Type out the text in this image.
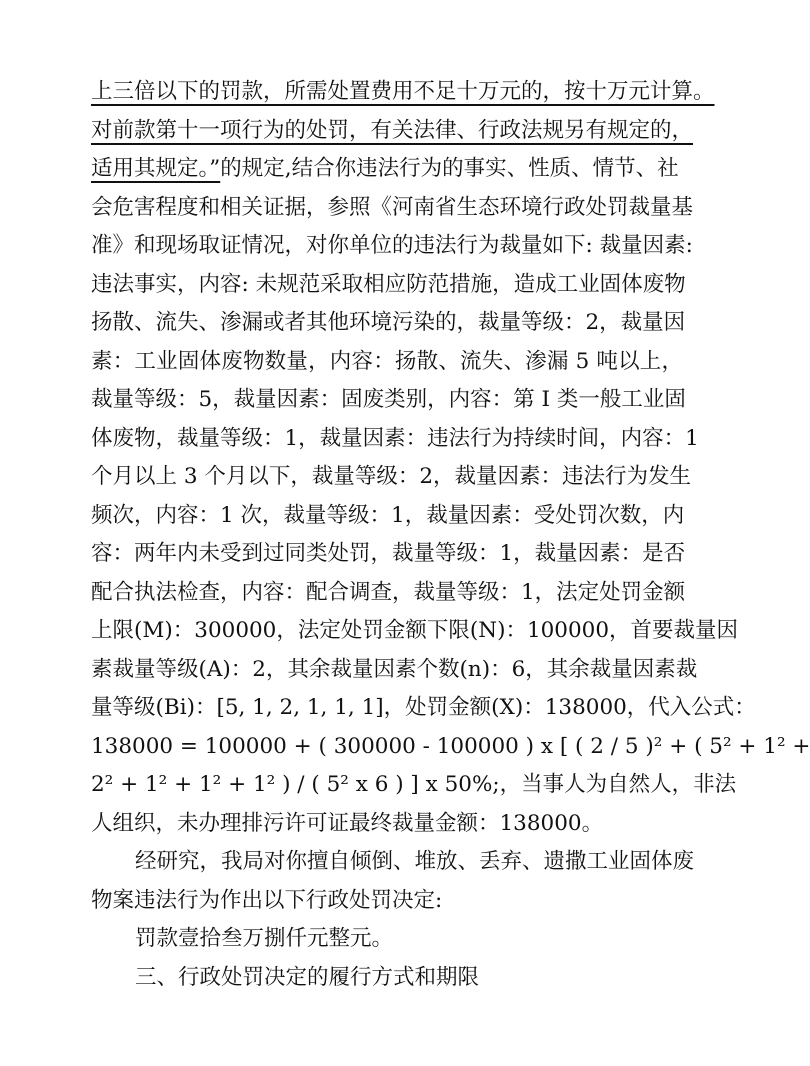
上三倍以下的罚款，所需处置费用不足十万元的，按十万元计算。
对前款第十一项行为的处罚，有关法律、行政法规另有规定的，
适用其规定。”的规定,结合你违法行为的事实、性质、情节、社
会危害程度和相关证据，参照《河南省生态环境行政处罚裁量基
准》和现场取证情况，对你单位的违法行为裁量如下: 裁量因素:
违法事实，内容: 未规范采取相应防范措施，造成工业固体废物
扬散、流失、渗漏或者其他环境污染的，裁量等级：2，裁量因
素：工业固体废物数量，内容：扬散、流失、渗漏 5 吨以上，
裁量等级：5，裁量因素：固废类别，内容：第 I 类一般工业固
体废物，裁量等级：1，裁量因素：违法行为持续时间，内容：1
个月以上 3 个月以下，裁量等级：2，裁量因素：违法行为发生
频次，内容：1 次，裁量等级：1，裁量因素：受处罚次数，内
容：两年内未受到过同类处罚，裁量等级：1，裁量因素：是否
配合执法检查，内容：配合调查，裁量等级：1，法定处罚金额
上限(M)：300000，法定处罚金额下限(N)：100000，首要裁量因
素裁量等级(A)：2，其余裁量因素个数(n)：6，其余裁量因素裁
量等级(Bi)：[5, 1, 2, 1, 1, 1]，处罚金额(X)：138000，代入公式：
138000 = 100000 + ( 300000 - 100000 ) x [ ( 2 / 5 )² + ( 5² + 1² +
2² + 1² + 1² + 1² ) / ( 5² x 6 ) ] x 50%;，当事人为自然人，非法
人组织，未办理排污许可证最终裁量金额：138000。
经研究，我局对你擅自倾倒、堆放、丢弃、遗撒工业固体废
物案违法行为作出以下行政处罚决定:
罚款壹拾叁万捌仟元整元。
三、行政处罚决定的履行方式和期限
